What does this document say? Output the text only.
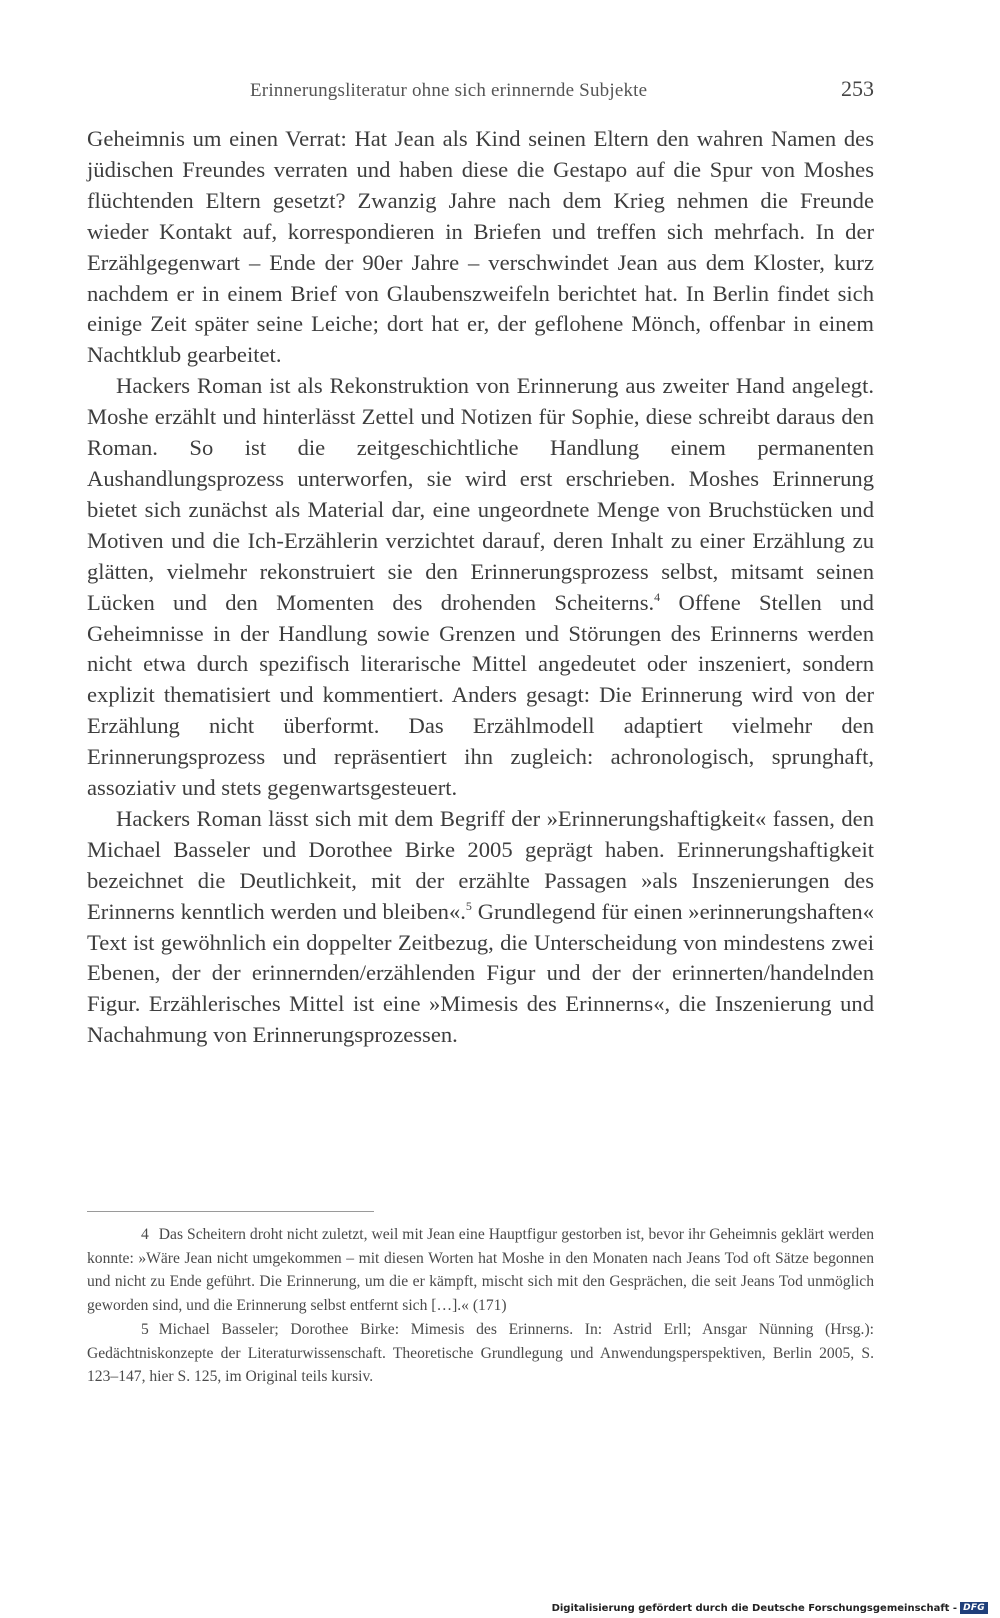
Erinnerungsliteratur ohne sich erinnernde Subjekte	253

Geheimnis um einen Verrat: Hat Jean als Kind seinen Eltern den wahren Namen des jüdischen Freundes verraten und haben diese die Gestapo auf die Spur von Moshes flüchtenden Eltern gesetzt? Zwanzig Jahre nach dem Krieg nehmen die Freunde wieder Kontakt auf, korrespondieren in Briefen und treffen sich mehrfach. In der Erzählgegenwart – Ende der 90er Jahre – verschwindet Jean aus dem Kloster, kurz nachdem er in einem Brief von Glaubenszweifeln berichtet hat. In Berlin findet sich einige Zeit später seine Leiche; dort hat er, der geflohene Mönch, offenbar in einem Nachtklub gearbeitet.

Hackers Roman ist als Rekonstruktion von Erinnerung aus zweiter Hand angelegt. Moshe erzählt und hinterlässt Zettel und Notizen für Sophie, diese schreibt daraus den Roman. So ist die zeitgeschichtliche Handlung einem permanenten Aushandlungsprozess unterworfen, sie wird erst erschrieben. Moshes Erinnerung bietet sich zunächst als Material dar, eine ungeordnete Menge von Bruchstücken und Motiven und die Ich-Erzählerin verzichtet darauf, deren Inhalt zu einer Erzählung zu glätten, vielmehr rekonstruiert sie den Erinnerungsprozess selbst, mitsamt seinen Lücken und den Momenten des drohenden Scheiterns.$^4$ Offene Stellen und Geheimnisse in der Handlung sowie Grenzen und Störungen des Erinnerns werden nicht etwa durch spezifisch literarische Mittel angedeutet oder inszeniert, sondern explizit thematisiert und kommentiert. Anders gesagt: Die Erinnerung wird von der Erzählung nicht überformt. Das Erzählmodell adaptiert vielmehr den Erinnerungsprozess und repräsentiert ihn zugleich: achronologisch, sprunghaft, assoziativ und stets gegenwartsgesteuert.

Hackers Roman lässt sich mit dem Begriff der »Erinnerungshaftigkeit« fassen, den Michael Basseler und Dorothee Birke 2005 geprägt haben. Erinnerungshaftigkeit bezeichnet die Deutlichkeit, mit der erzählte Passagen »als Inszenierungen des Erinnerns kenntlich werden und bleiben«.$^5$ Grundlegend für einen »erinnerungshaften« Text ist gewöhnlich ein doppelter Zeitbezug, die Unterscheidung von mindestens zwei Ebenen, der der erinnernden/erzählenden Figur und der der erinnerten/handelnden Figur. Erzählerisches Mittel ist eine »Mimesis des Erinnerns«, die Inszenierung und Nachahmung von Erinnerungsprozessen.

4 Das Scheitern droht nicht zuletzt, weil mit Jean eine Hauptfigur gestorben ist, bevor ihr Geheimnis geklärt werden konnte: »Wäre Jean nicht umgekommen – mit diesen Worten hat Moshe in den Monaten nach Jeans Tod oft Sätze begonnen und nicht zu Ende geführt. Die Erinnerung, um die er kämpft, mischt sich mit den Gesprächen, die seit Jeans Tod unmöglich geworden sind, und die Erinnerung selbst entfernt sich […].« (171)

5 Michael Basseler; Dorothee Birke: Mimesis des Erinnerns. In: Astrid Erll; Ansgar Nünning (Hrsg.): Gedächtniskonzepte der Literaturwissenschaft. Theoretische Grundlegung und Anwendungsperspektiven, Berlin 2005, S. 123–147, hier S. 125, im Original teils kursiv.

Digitalisierung gefördert durch die Deutsche Forschungsgemeinschaft - DFG
